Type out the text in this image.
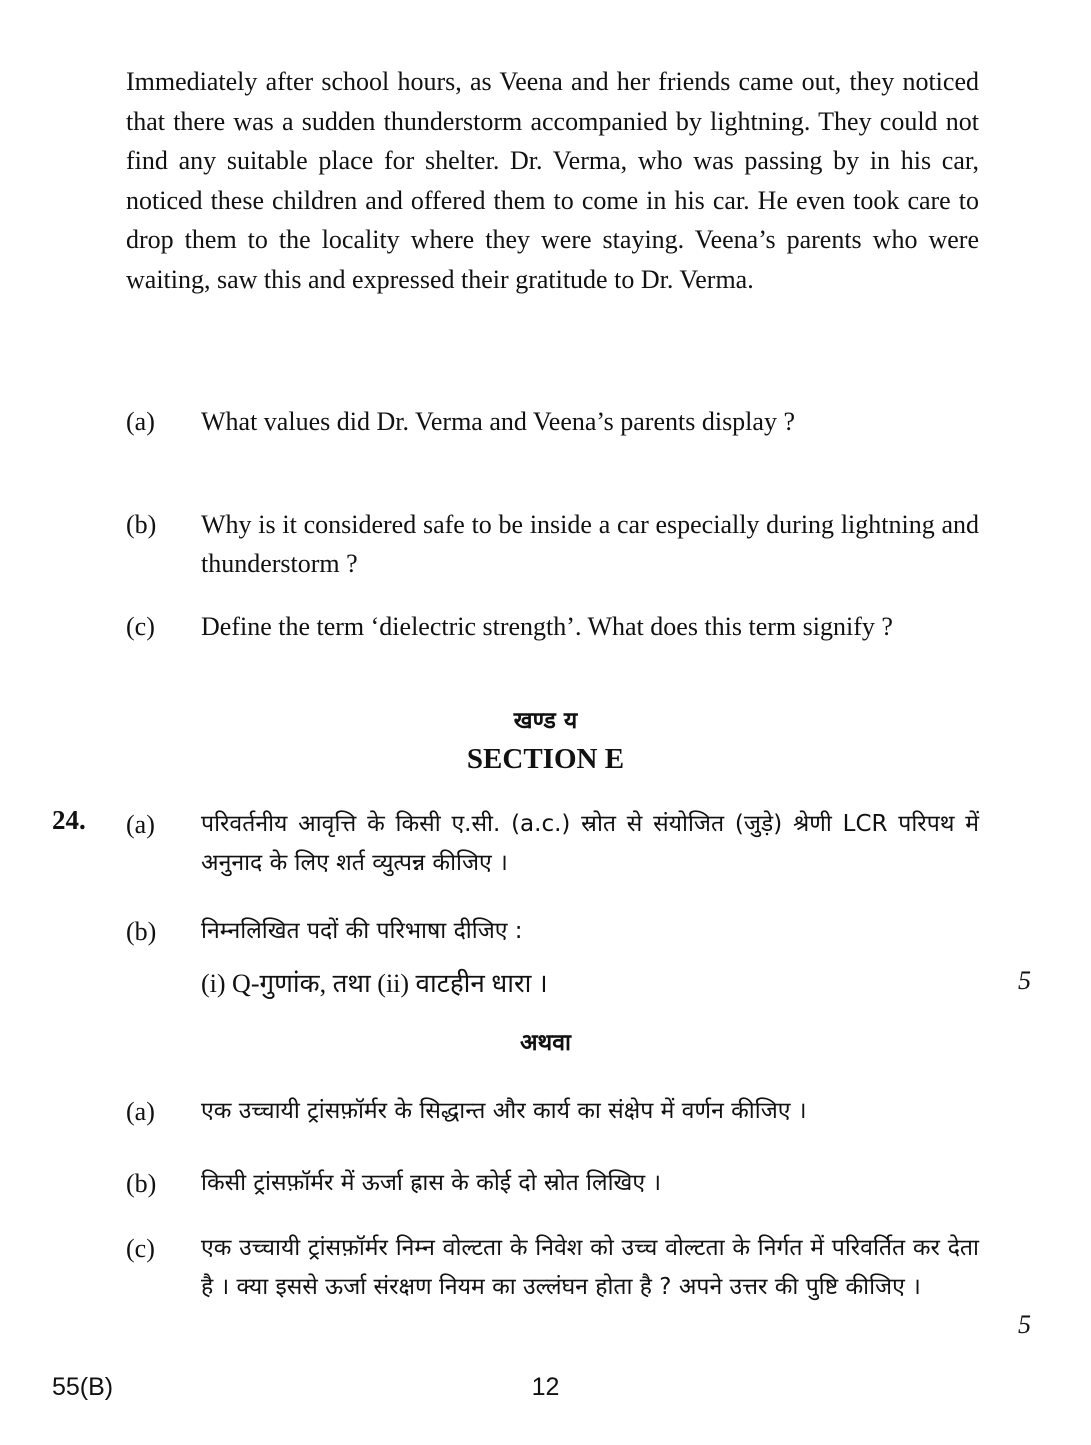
Immediately after school hours, as Veena and her friends came out, they noticed that there was a sudden thunderstorm accompanied by lightning. They could not find any suitable place for shelter. Dr. Verma, who was passing by in his car, noticed these children and offered them to come in his car. He even took care to drop them to the locality where they were staying. Veena’s parents who were waiting, saw this and expressed their gratitude to Dr. Verma.
(a) What values did Dr. Verma and Veena’s parents display ?
(b) Why is it considered safe to be inside a car especially during lightning and thunderstorm ?
(c) Define the term ‘dielectric strength’. What does this term signify ?
खण्ड य
SECTION E
24. (a) परिवर्तनीय आवृत्ति के किसी ए.सी. (a.c.) स्रोत से संयोजित (जुड़े) श्रेणी LCR परिपथ में अनुनाद के लिए शर्त व्युत्पन्न कीजिए ।
(b) निम्नलिखित पदों की परिभाषा दीजिए :
(i) Q-गुणांक, तथा (ii) वाटहीन धारा ।	5
अथवा
(a) एक उच्चायी ट्रांसफ़ॉर्मर के सिद्धान्त और कार्य का संक्षेप में वर्णन कीजिए ।
(b) किसी ट्रांसफ़ॉर्मर में ऊर्जा ह्रास के कोई दो स्रोत लिखिए ।
(c) एक उच्चायी ट्रांसफ़ॉर्मर निम्न वोल्टता के निवेश को उच्च वोल्टता के निर्गत में परिवर्तित कर देता है । क्या इससे ऊर्जा संरक्षण नियम का उल्लंघन होता है ? अपने उत्तर की पुष्टि कीजिए ।
5
55(B)	12
